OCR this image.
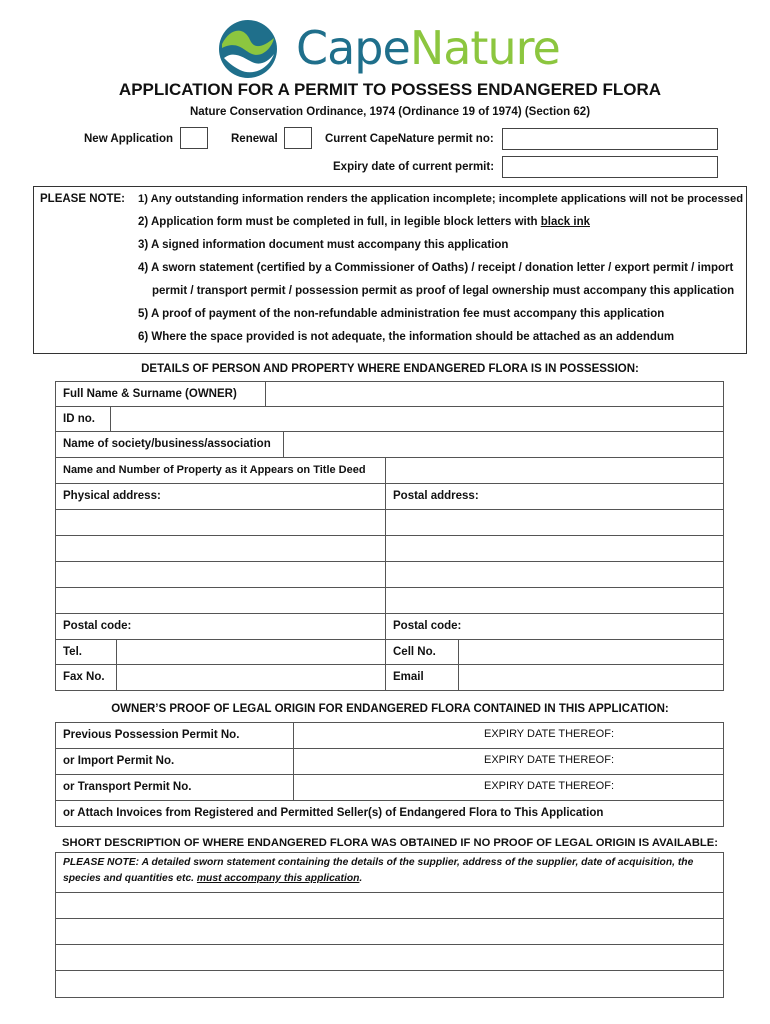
CapeNature
APPLICATION FOR A PERMIT TO POSSESS ENDANGERED FLORA
Nature Conservation Ordinance, 1974 (Ordinance 19 of 1974) (Section 62)
New Application	Renewal	Current CapeNature permit no:
Expiry date of current permit:
PLEASE NOTE: 1) Any outstanding information renders the application incomplete; incomplete applications will not be processed
2) Application form must be completed in full, in legible block letters with black ink
3) A signed information document must accompany this application
4) A sworn statement (certified by a Commissioner of Oaths) / receipt / donation letter / export permit / import
permit / transport permit / possession permit as proof of legal ownership must accompany this application
5) A proof of payment of the non-refundable administration fee must accompany this application
6) Where the space provided is not adequate, the information should be attached as an addendum
DETAILS OF PERSON AND PROPERTY WHERE ENDANGERED FLORA IS IN POSSESSION:
Full Name & Surname (OWNER)
ID no.
Name of society/business/association
Name and Number of Property as it Appears on Title Deed
Physical address:	Postal address:
Postal code:	Postal code:
Tel.	Cell No.
Fax No.	Email
OWNER’S PROOF OF LEGAL ORIGIN FOR ENDANGERED FLORA CONTAINED IN THIS APPLICATION:
Previous Possession Permit No.	EXPIRY DATE THEREOF:
or Import Permit No.	EXPIRY DATE THEREOF:
or Transport Permit No.	EXPIRY DATE THEREOF:
or Attach Invoices from Registered and Permitted Seller(s) of Endangered Flora to This Application
SHORT DESCRIPTION OF WHERE ENDANGERED FLORA WAS OBTAINED IF NO PROOF OF LEGAL ORIGIN IS AVAILABLE:
PLEASE NOTE: A detailed sworn statement containing the details of the supplier, address of the supplier, date of acquisition, the
species and quantities etc. must accompany this application.
